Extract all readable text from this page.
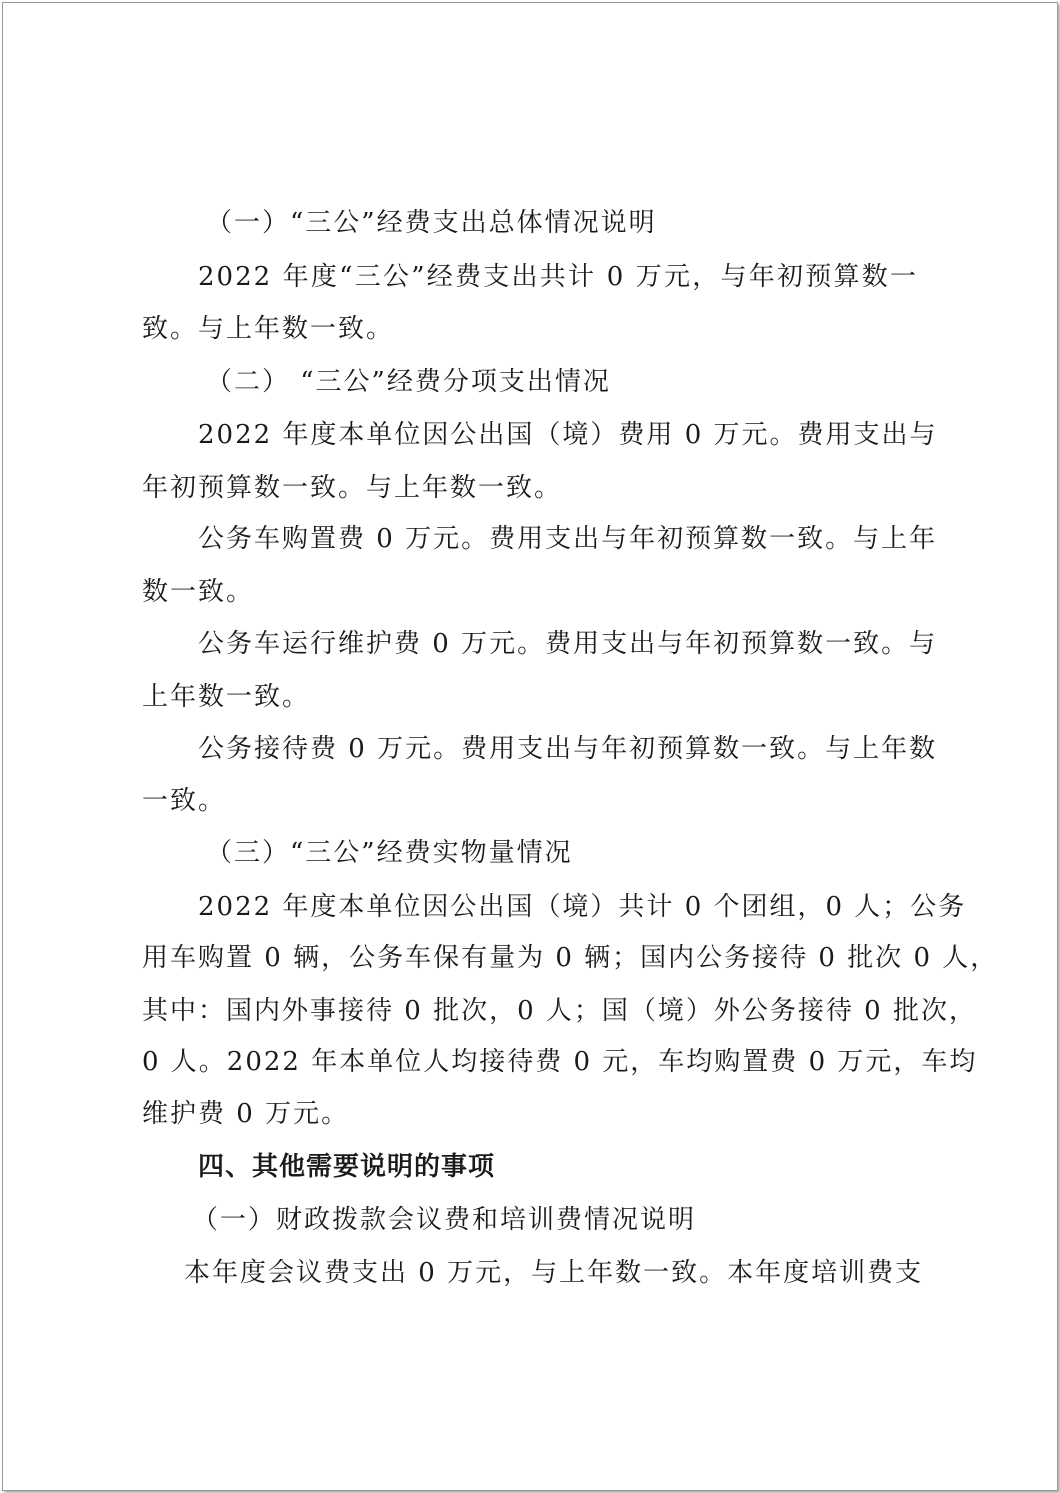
（一）“三公”经费支出总体情况说明
2022 年度“三公”经费支出共计 0 万元，与年初预算数一
致。与上年数一致。
（二） “三公”经费分项支出情况
2022 年度本单位因公出国（境）费用 0 万元。费用支出与
年初预算数一致。与上年数一致。
公务车购置费 0 万元。费用支出与年初预算数一致。与上年
数一致。
公务车运行维护费 0 万元。费用支出与年初预算数一致。与
上年数一致。
公务接待费 0 万元。费用支出与年初预算数一致。与上年数
一致。
（三）“三公”经费实物量情况
2022 年度本单位因公出国（境）共计 0 个团组，0 人；公务
用车购置 0 辆，公务车保有量为 0 辆；国内公务接待 0 批次 0 人，
其中：国内外事接待 0 批次，0 人；国（境）外公务接待 0 批次，
0 人。2022 年本单位人均接待费 0 元，车均购置费 0 万元，车均
维护费 0 万元。
四、其他需要说明的事项
（一）财政拨款会议费和培训费情况说明
本年度会议费支出 0 万元，与上年数一致。本年度培训费支
